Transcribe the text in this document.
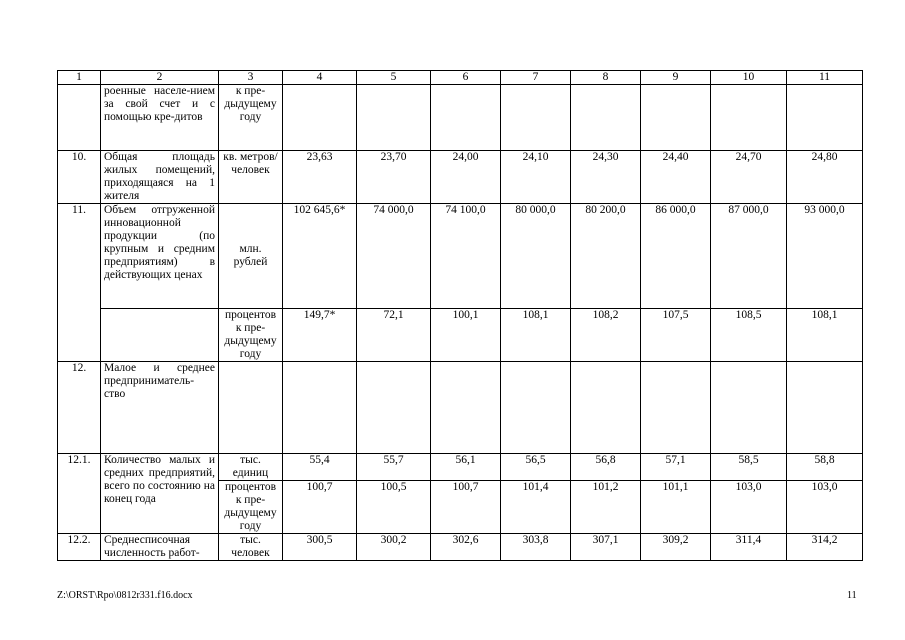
1	2	3	4	5	6	7	8	9	10	11
	роенные населе-нием за свой счет и с помощью кре-дитов	к пре-дыдущему году								
10.	Общая площадь жилых помещений, приходящаяся на 1 жителя	кв. метров/ человек	23,63	23,70	24,00	24,10	24,30	24,40	24,70	24,80
11.	Объем отгруженной инновационной продукции (по крупным и средним предприятиям) в действующих ценах	млн. рублей	102 645,6*	74 000,0	74 100,0	80 000,0	80 200,0	86 000,0	87 000,0	93 000,0
		процентов к пре-дыдущему году	149,7*	72,1	100,1	108,1	108,2	107,5	108,5	108,1
12.	Малое и среднее предприниматель-ство									
12.1.	Количество малых и средних предприятий, всего по состоянию на конец года	тыс. единиц	55,4	55,7	56,1	56,5	56,8	57,1	58,5	58,8
		процентов к пре-дыдущему году	100,7	100,5	100,7	101,4	101,2	101,1	103,0	103,0
12.2.	Среднесписочная численность работ-	тыс. человек	300,5	300,2	302,6	303,8	307,1	309,2	311,4	314,2
Z:\ORST\Rpo\0812r331.f16.docx	11
